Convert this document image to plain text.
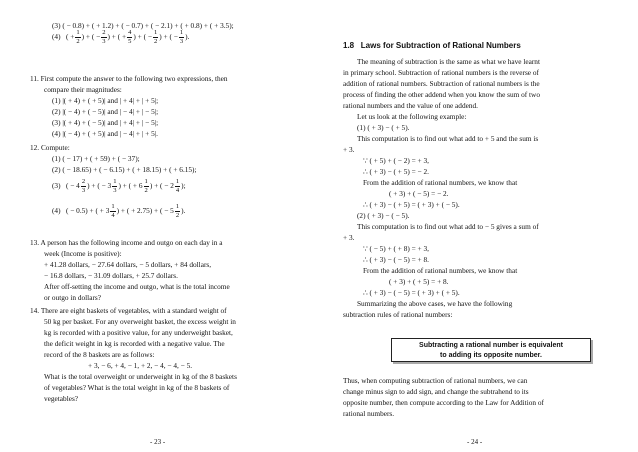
(3) ( − 0.8) + ( + 1.2) + ( − 0.7) + ( − 2.1) + ( + 0.8) + ( + 3.5);
(4)   ( + $\frac{1}{2}$ ) + ( − $\frac{2}{3}$ ) + ( + $\frac{4}{5}$ ) + ( − $\frac{1}{2}$ ) + ( − $\frac{1}{3}$ ).
11. First compute the answer to the following two expressions, then
compare their magnitudes:
(1) |( + 4) + ( + 5)| and | + 4| + | + 5|;
(2) |( − 4) + ( − 5)| and | − 4| + | − 5|;
(3) |( + 4) + ( − 5)| and | + 4| + | − 5|;
(4) |( − 4) + ( + 5)| and | − 4| + | + 5|.
12. Compute:
(1) ( − 17) + ( + 59) + ( − 37);
(2) ( − 18.65) + ( − 6.15) + ( + 18.15) + ( + 6.15);
(3)   ( − $4 \frac{2}{3}$ ) + ( − $3 \frac{1}{3}$ ) + ( + $6 \frac{1}{2}$ ) + ( − $2 \frac{1}{4}$ );
(4)   ( − 0.5) + ( + $3 \frac{1}{4}$ ) + ( + 2.75) + ( − $5 \frac{1}{2}$ ).
13. A person has the following income and outgo on each day in a
week (Income is positive):
+ 41.28 dollars, − 27.64 dollars, − 5 dollars, + 84 dollars,
− 16.8 dollars, − 31.09 dollars, + 25.7 dollars.
After off-setting the income and outgo, what is the total income
or outgo in dollars?
14. There are eight baskets of vegetables, with a standard weight of
50 kg per basket. For any overweight basket, the excess weight in
kg is recorded with a positive value, for any underweight basket,
the deficit weight in kg is recorded with a negative value. The
record of the 8 baskets are as follows:
+ 3, − 6, + 4, − 1, + 2, − 4, − 4, − 5.
What is the total overweight or underweight in kg of the 8 baskets
of vegetables? What is the total weight in kg of the 8 baskets of
vegetables?
- 23 -
1.8 Laws for Subtraction of Rational Numbers
The meaning of subtraction is the same as what we have learnt
in primary school. Subtraction of rational numbers is the reverse of
addition of rational numbers. Subtraction of rational numbers is the
process of finding the other addend when you know the sum of two
rational numbers and the value of one addend.
Let us look at the following example:
(1) ( + 3) − ( + 5).
This computation is to find out what add to + 5 and the sum is
+ 3.
∵ ( + 5) + ( − 2) = + 3,
∴ ( + 3) − ( + 5) = − 2.
From the addition of rational numbers, we know that
( + 3) + ( − 5) = − 2.
∴ ( + 3) − ( + 5) = ( + 3) + ( − 5).
(2) ( + 3) − ( − 5).
This computation is to find out what add to − 5 gives a sum of
+ 3.
∵ ( − 5) + ( + 8) = + 3,
∴ ( + 3) − ( − 5) = + 8.
From the addition of rational numbers, we know that
( + 3) + ( + 5) = + 8.
∴ ( + 3) − ( − 5) = ( + 3) + ( + 5).
Summarizing the above cases, we have the following
subtraction rules of rational numbers:
Subtracting a rational number is equivalent
to adding its opposite number.
Thus, when computing subtraction of rational numbers, we can
change minus sign to add sign, and change the subtrahend to its
opposite number, then compute according to the Law for Addition of
rational numbers.
- 24 -
